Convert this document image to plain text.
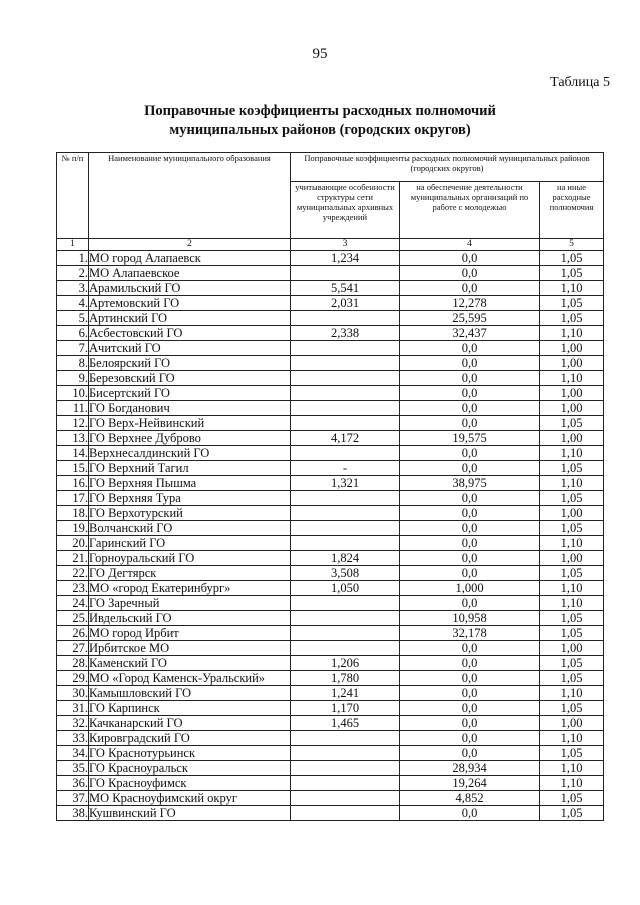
95
Таблица 5
Поправочные коэффициенты расходных полномочий
муниципальных районов (городских округов)
№ п/п	Наименование муниципального образования	Поправочные коэффициенты расходных полномочий муниципальных районов (городских округов)		
		учитывающие особенности структуры сети муниципальных архивных учреждений	на обеспечение деятельности муниципальных организаций по работе с молодежью	на иные расходные полномочия
1	2	3	4	5
1.	МО город Алапаевск	1,234	0,0	1,05
2.	МО Алапаевское		0,0	1,05
3.	Арамильский ГО	5,541	0,0	1,10
4.	Артемовский ГО	2,031	12,278	1,05
5.	Артинский ГО		25,595	1,05
6.	Асбестовский ГО	2,338	32,437	1,10
7.	Ачитский ГО		0,0	1,00
8.	Белоярский ГО		0,0	1,00
9.	Березовский ГО		0,0	1,10
10.	Бисертский ГО		0,0	1,00
11.	ГО Богданович		0,0	1,00
12.	ГО Верх-Нейвинский		0,0	1,05
13.	ГО Верхнее Дуброво	4,172	19,575	1,00
14.	Верхнесалдинский ГО		0,0	1,10
15.	ГО Верхний Тагил	-	0,0	1,05
16.	ГО Верхняя Пышма	1,321	38,975	1,10
17.	ГО Верхняя Тура		0,0	1,05
18.	ГО Верхотурский		0,0	1,00
19.	Волчанский ГО		0,0	1,05
20.	Гаринский ГО		0,0	1,10
21.	Горноуральский ГО	1,824	0,0	1,00
22.	ГО Дегтярск	3,508	0,0	1,05
23.	МО «город Екатеринбург»	1,050	1,000	1,10
24.	ГО Заречный		0,0	1,10
25.	Ивдельский ГО		10,958	1,05
26.	МО город Ирбит		32,178	1,05
27.	Ирбитское МО		0,0	1,00
28.	Каменский ГО	1,206	0,0	1,05
29.	МО «Город Каменск-Уральский»	1,780	0,0	1,05
30.	Камышловский ГО	1,241	0,0	1,10
31.	ГО Карпинск	1,170	0,0	1,05
32.	Качканарский ГО	1,465	0,0	1,00
33.	Кировградский ГО		0,0	1,10
34.	ГО Краснотурьинск		0,0	1,05
35.	ГО Красноуральск		28,934	1,10
36.	ГО Красноуфимск		19,264	1,10
37.	МО Красноуфимский округ		4,852	1,05
38.	Кушвинский ГО		0,0	1,05
